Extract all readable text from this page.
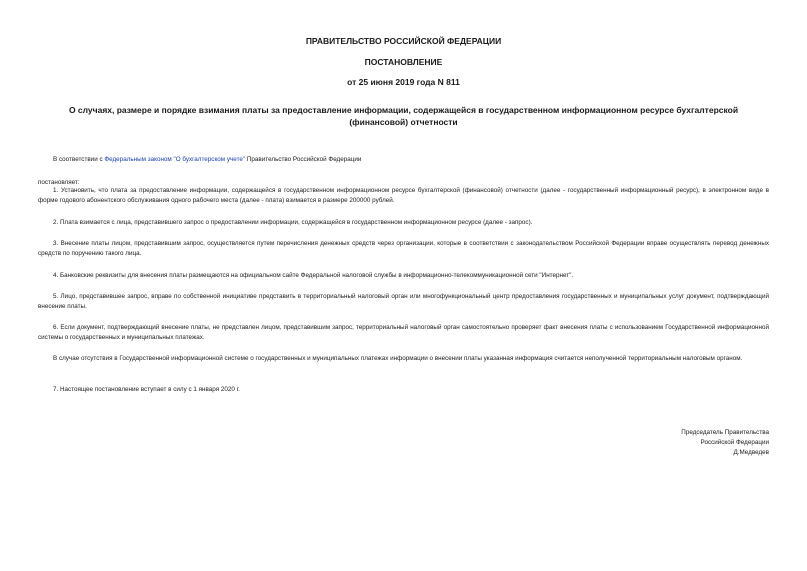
ПРАВИТЕЛЬСТВО РОССИЙСКОЙ ФЕДЕРАЦИИ
ПОСТАНОВЛЕНИЕ
от 25 июня 2019 года N 811
О случаях, размере и порядке взимания платы за предоставление информации, содержащейся в государственном информационном ресурсе бухгалтерской (финансовой) отчетности
В соответствии с Федеральным законом "О бухгалтерском учете" Правительство Российской Федерации
постановляет:
1. Установить, что плата за предоставление информации, содержащейся в государственном информационном ресурсе бухгалтерской (финансовой) отчетности (далее - государственный информационный ресурс), в электронном виде в форме годового абонентского обслуживания одного рабочего места (далее - плата) взимается в размере 200000 рублей.
2. Плата взимается с лица, представившего запрос о предоставлении информации, содержащейся в государственном информационном ресурсе (далее - запрос).
3. Внесение платы лицом, представившим запрос, осуществляется путем перечисления денежных средств через организации, которые в соответствии с законодательством Российской Федерации вправе осуществлять перевод денежных средств по поручению такого лица.
4. Банковские реквизиты для внесения платы размещаются на официальном сайте Федеральной налоговой службы в информационно-телекоммуникационной сети "Интернет".
5. Лицо, представившее запрос, вправе по собственной инициативе представить в территориальный налоговый орган или многофункциональный центр предоставления государственных и муниципальных услуг документ, подтверждающий внесение платы.
6. Если документ, подтверждающий внесение платы, не представлен лицом, представившим запрос, территориальный налоговый орган самостоятельно проверяет факт внесения платы с использованием Государственной информационной системы о государственных и муниципальных платежах.
В случае отсутствия в Государственной информационной системе о государственных и муниципальных платежах информации о внесении платы указанная информация считается неполученной территориальным налоговым органом.
7. Настоящее постановление вступает в силу с 1 января 2020 г.
Председатель Правительства
Российской Федерации
Д.Медведев
